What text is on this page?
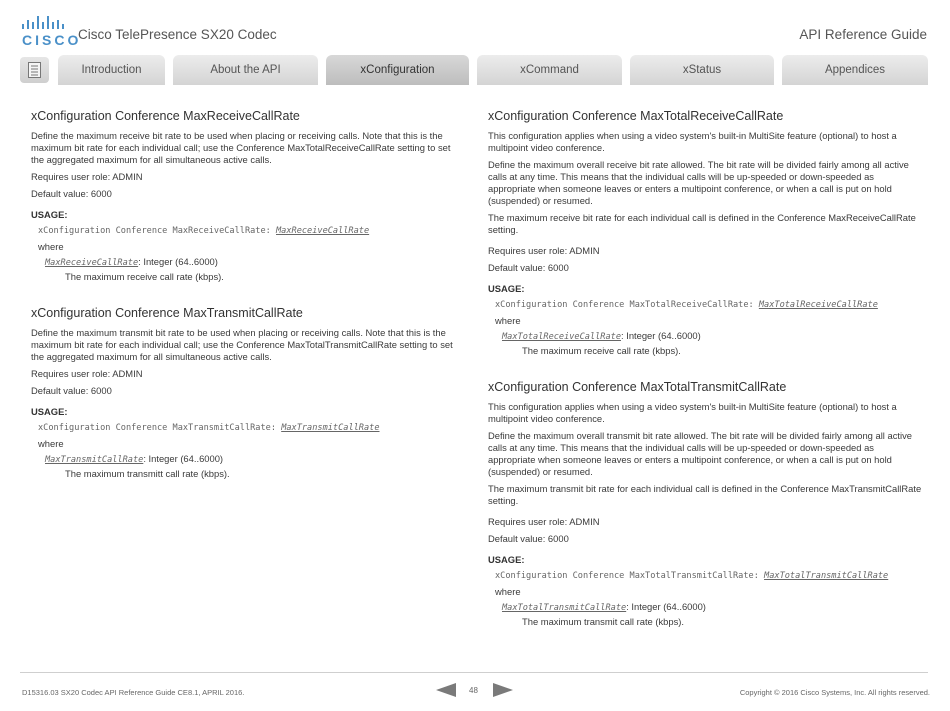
CISCO
Cisco TelePresence SX20 Codec	API Reference Guide
Introduction	About the API	xConfiguration	xCommand	xStatus	Appendices
xConfiguration Conference MaxReceiveCallRate

Define the maximum receive bit rate to be used when placing or receiving calls. Note that this is the maximum bit rate for each individual call; use the Conference MaxTotalReceiveCallRate setting to set the aggregated maximum for all simultaneous active calls.

Requires user role: ADMIN

Default value: 6000

USAGE:
xConfiguration Conference MaxReceiveCallRate: MaxReceiveCallRate
where
MaxReceiveCallRate: Integer (64..6000)
The maximum receive call rate (kbps).
xConfiguration Conference MaxTransmitCallRate

Define the maximum transmit bit rate to be used when placing or receiving calls. Note that this is the maximum bit rate for each individual call; use the Conference MaxTotalTransmitCallRate setting to set the aggregated maximum for all simultaneous active calls.

Requires user role: ADMIN

Default value: 6000

USAGE:
xConfiguration Conference MaxTransmitCallRate: MaxTransmitCallRate
where
MaxTransmitCallRate: Integer (64..6000)
The maximum transmitt call rate (kbps).
xConfiguration Conference MaxTotalReceiveCallRate

This configuration applies when using a video system's built-in MultiSite feature (optional) to host a multipoint video conference.

Define the maximum overall receive bit rate allowed. The bit rate will be divided fairly among all active calls at any time. This means that the individual calls will be up-speeded or down-speeded as appropriate when someone leaves or enters a multipoint conference, or when a call is put on hold (suspended) or resumed.

The maximum receive bit rate for each individual call is defined in the Conference MaxReceiveCallRate setting.

Requires user role: ADMIN

Default value: 6000

USAGE:
xConfiguration Conference MaxTotalReceiveCallRate: MaxTotalReceiveCallRate
where
MaxTotalReceiveCallRate: Integer (64..6000)
The maximum receive call rate (kbps).
xConfiguration Conference MaxTotalTransmitCallRate

This configuration applies when using a video system's built-in MultiSite feature (optional) to host a multipoint video conference.

Define the maximum overall transmit bit rate allowed. The bit rate will be divided fairly among all active calls at any time. This means that the individual calls will be up-speeded or down-speeded as appropriate when someone leaves or enters a multipoint conference, or when a call is put on hold (suspended) or resumed.

The maximum transmit bit rate for each individual call is defined in the Conference MaxTransmitCallRate setting.

Requires user role: ADMIN

Default value: 6000

USAGE:
xConfiguration Conference MaxTotalTransmitCallRate: MaxTotalTransmitCallRate
where
MaxTotalTransmitCallRate: Integer (64..6000)
The maximum transmit call rate (kbps).
D15316.03 SX20 Codec API Reference Guide CE8.1, APRIL 2016.	48	Copyright © 2016 Cisco Systems, Inc. All rights reserved.
